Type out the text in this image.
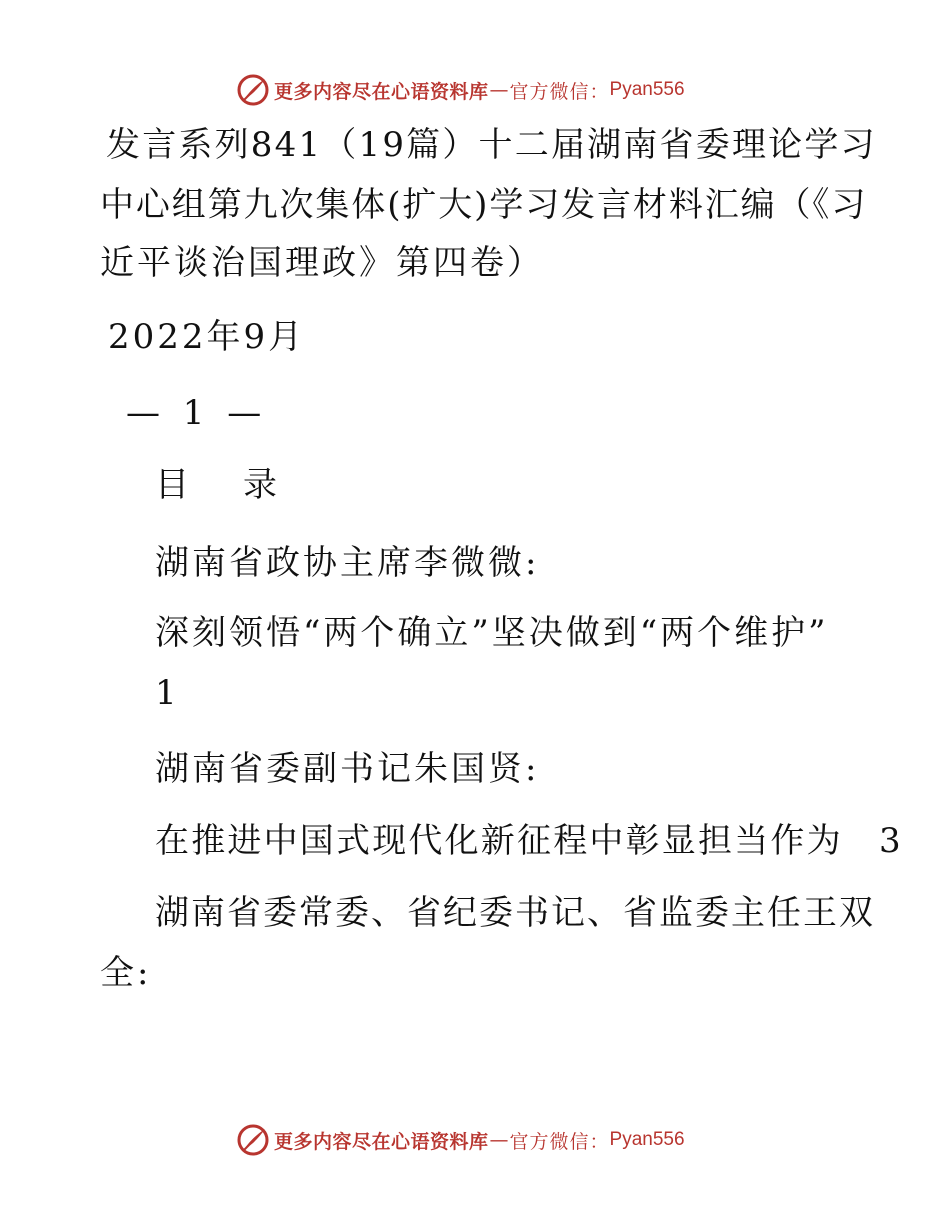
更多内容尽在心语资料库 — 官方微信： Pyan556

发言系列841（19篇）十二届湖南省委理论学习

中心组第九次集体(扩大)学习发言材料汇编（《习

近平谈治国理政》第四卷）

2022年9月

— 1 —

目　录

湖南省政协主席李微微:

深刻领悟“两个确立”坚决做到“两个维护”

1

湖南省委副书记朱国贤:

在推进中国式现代化新征程中彰显担当作为　3

湖南省委常委、省纪委书记、省监委主任王双

全:

更多内容尽在心语资料库 — 官方微信： Pyan556
